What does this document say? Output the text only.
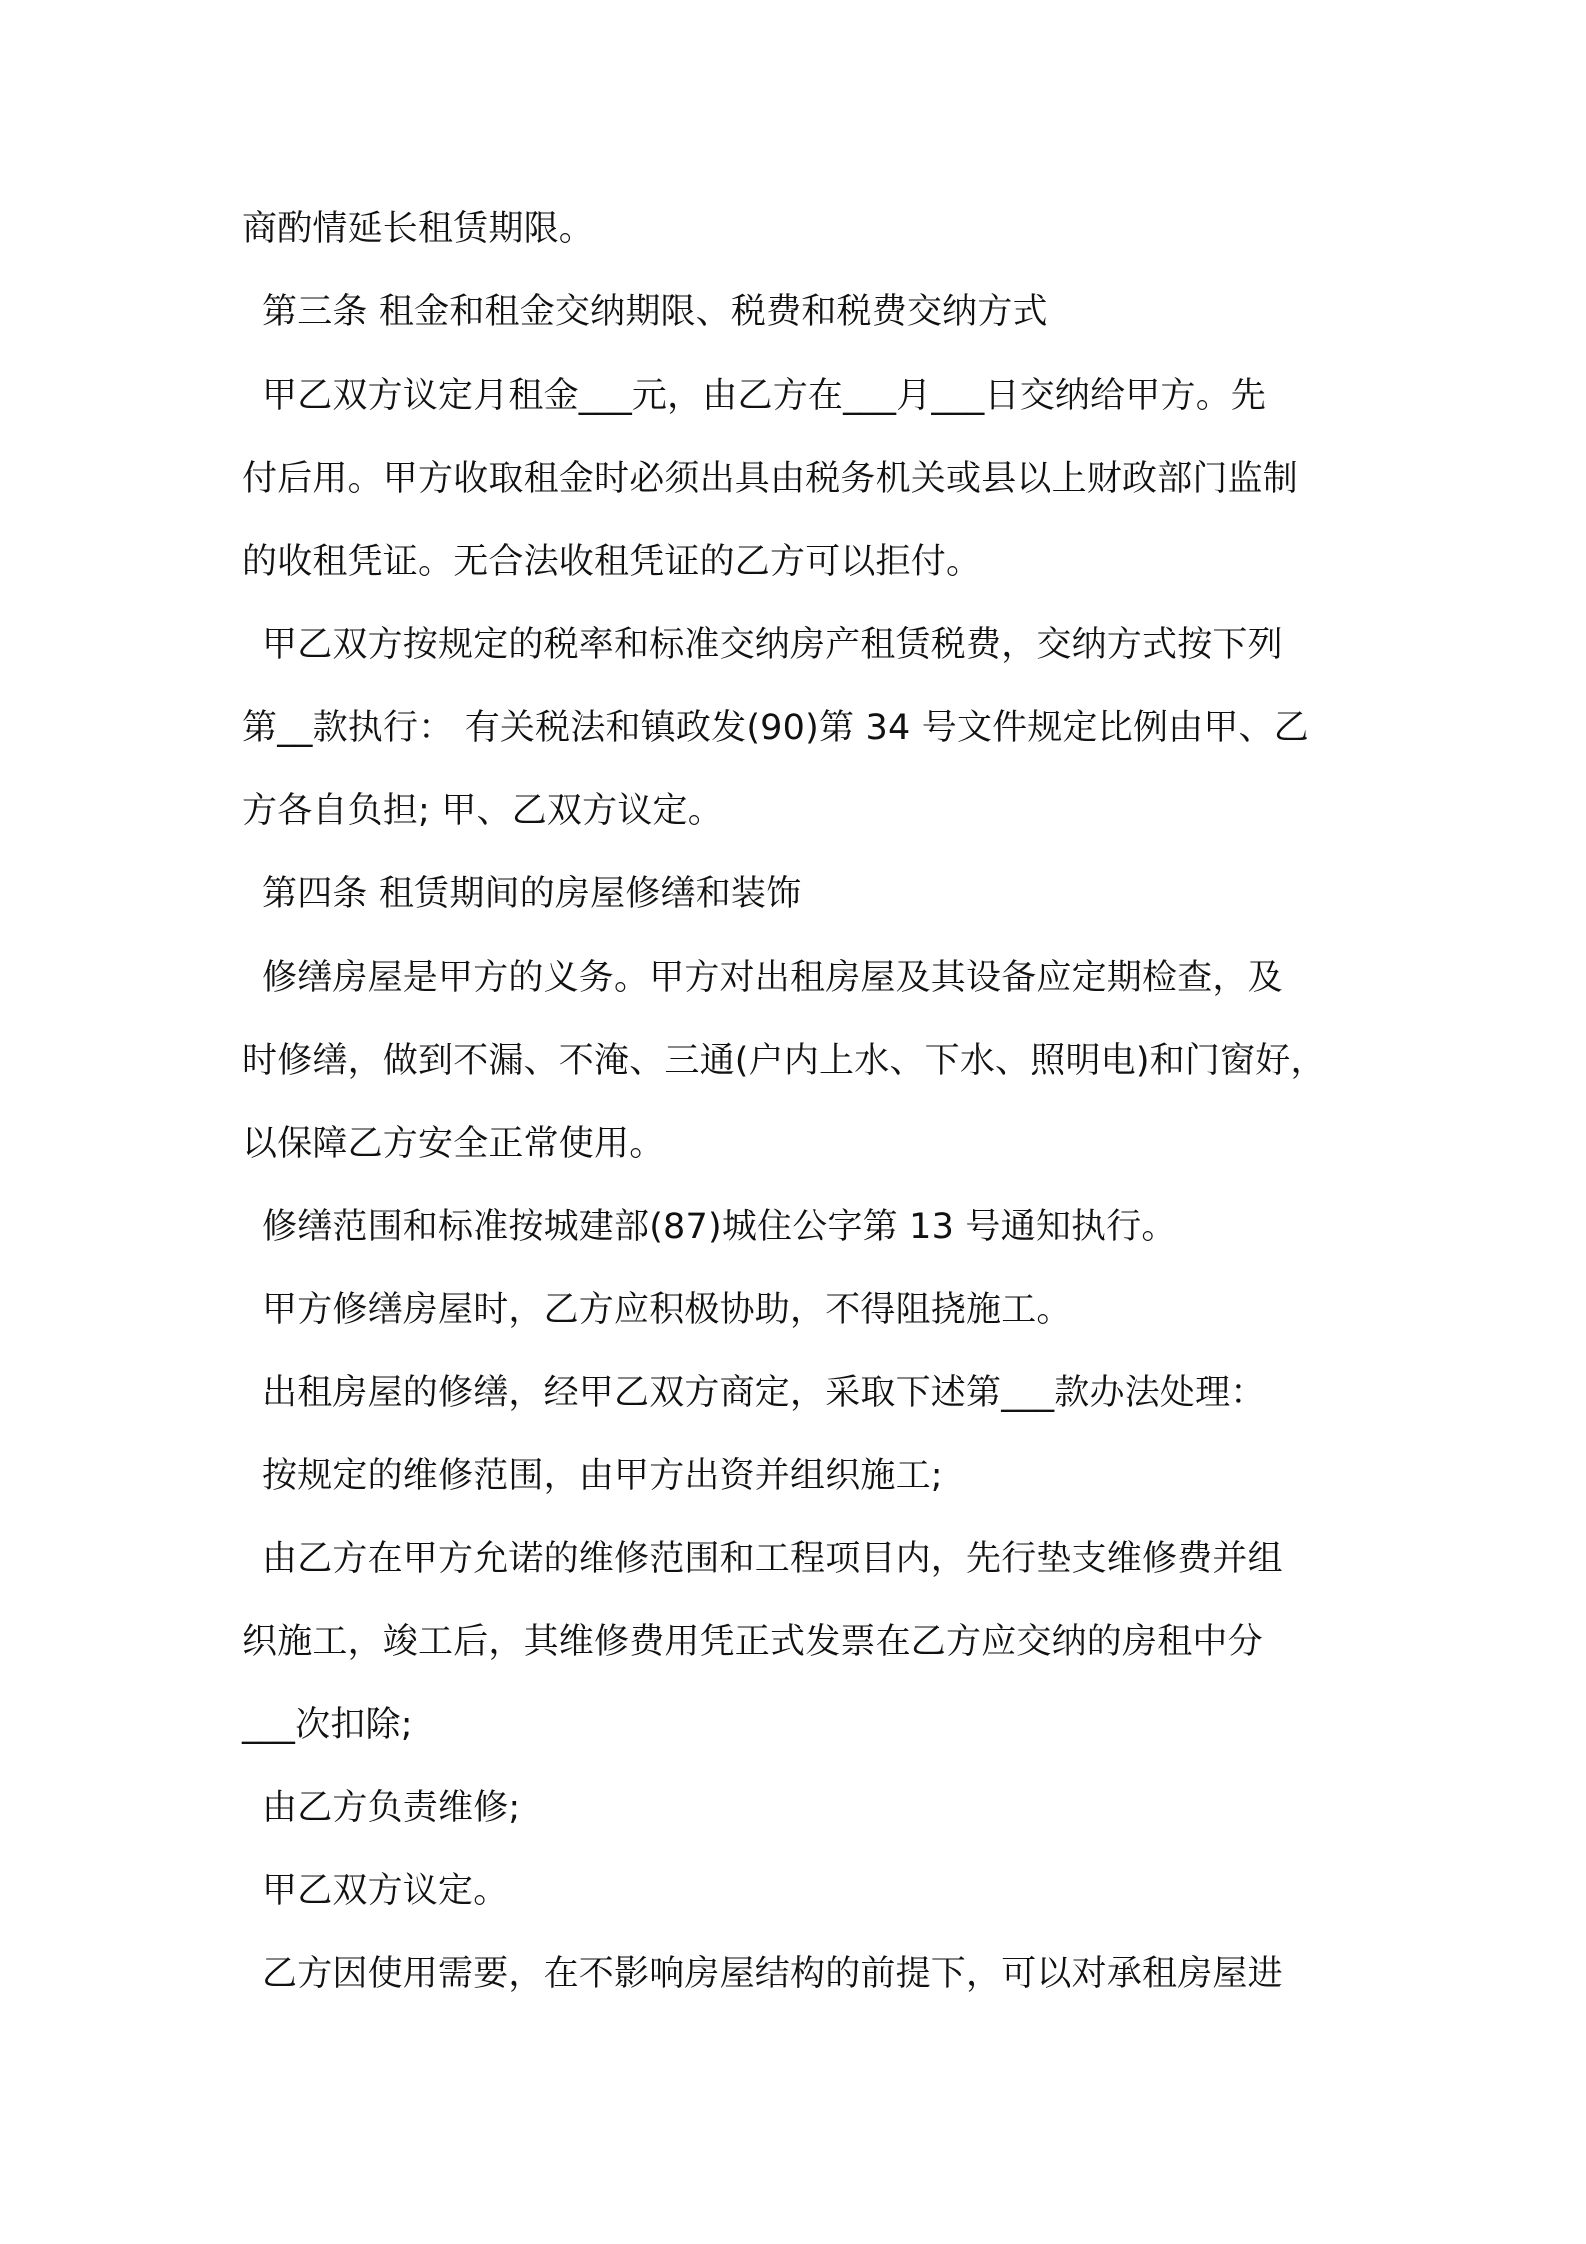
商酌情延长租赁期限。
第三条 租金和租金交纳期限、税费和税费交纳方式
甲乙双方议定月租金___元，由乙方在___月___日交纳给甲方。先
付后用。甲方收取租金时必须出具由税务机关或县以上财政部门监制
的收租凭证。无合法收租凭证的乙方可以拒付。
甲乙双方按规定的税率和标准交纳房产租赁税费，交纳方式按下列
第__款执行： 有关税法和镇政发(90)第 34 号文件规定比例由甲、乙
方各自负担; 甲、乙双方议定。
第四条 租赁期间的房屋修缮和装饰
修缮房屋是甲方的义务。甲方对出租房屋及其设备应定期检查，及
时修缮，做到不漏、不淹、三通(户内上水、下水、照明电)和门窗好，
以保障乙方安全正常使用。
修缮范围和标准按城建部(87)城住公字第 13 号通知执行。
甲方修缮房屋时，乙方应积极协助，不得阻挠施工。
出租房屋的修缮，经甲乙双方商定，采取下述第___款办法处理：
按规定的维修范围，由甲方出资并组织施工;
由乙方在甲方允诺的维修范围和工程项目内，先行垫支维修费并组
织施工，竣工后，其维修费用凭正式发票在乙方应交纳的房租中分
___次扣除;
由乙方负责维修;
甲乙双方议定。
乙方因使用需要，在不影响房屋结构的前提下，可以对承租房屋进
